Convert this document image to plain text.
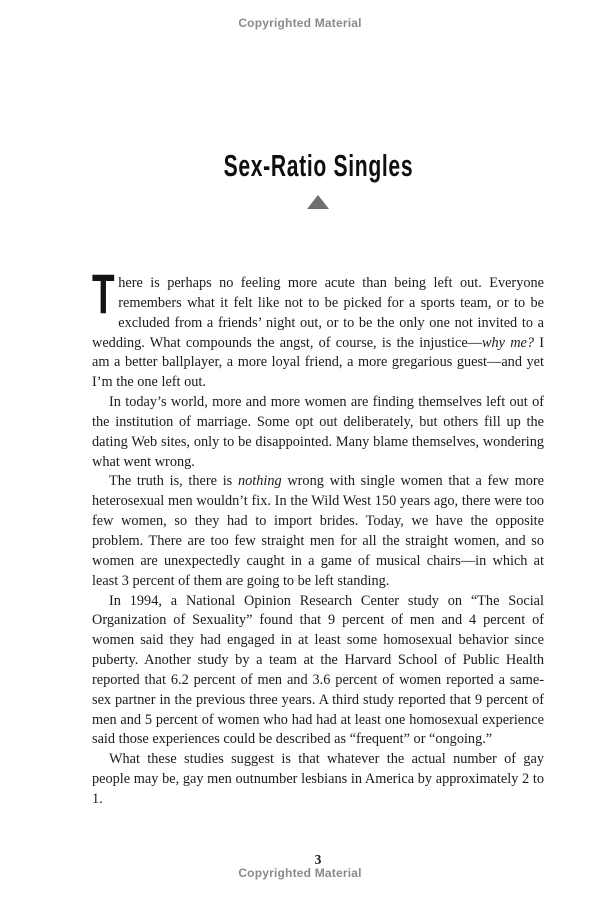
Copyrighted Material
Sex-Ratio Singles

There is perhaps no feeling more acute than being left out. Everyone remembers what it felt like not to be picked for a sports team, or to be excluded from a friends’ night out, or to be the only one not invited to a wedding. What compounds the angst, of course, is the injustice—why me? I am a better ballplayer, a more loyal friend, a more gregarious guest—and yet I’m the one left out.

In today’s world, more and more women are finding themselves left out of the institution of marriage. Some opt out deliberately, but others fill up the dating Web sites, only to be disappointed. Many blame themselves, wondering what went wrong.

The truth is, there is nothing wrong with single women that a few more heterosexual men wouldn’t fix. In the Wild West 150 years ago, there were too few women, so they had to import brides. Today, we have the opposite problem. There are too few straight men for all the straight women, and so women are unexpectedly caught in a game of musical chairs—in which at least 3 percent of them are going to be left standing.

In 1994, a National Opinion Research Center study on “The Social Organization of Sexuality” found that 9 percent of men and 4 percent of women said they had engaged in at least some homosexual behavior since puberty. Another study by a team at the Harvard School of Public Health reported that 6.2 percent of men and 3.6 percent of women reported a same-sex partner in the previous three years. A third study reported that 9 percent of men and 5 percent of women who had had at least one homosexual experience said those experiences could be described as “frequent” or “ongoing.”

What these studies suggest is that whatever the actual number of gay people may be, gay men outnumber lesbians in America by approximately 2 to 1.

3
Copyrighted Material
